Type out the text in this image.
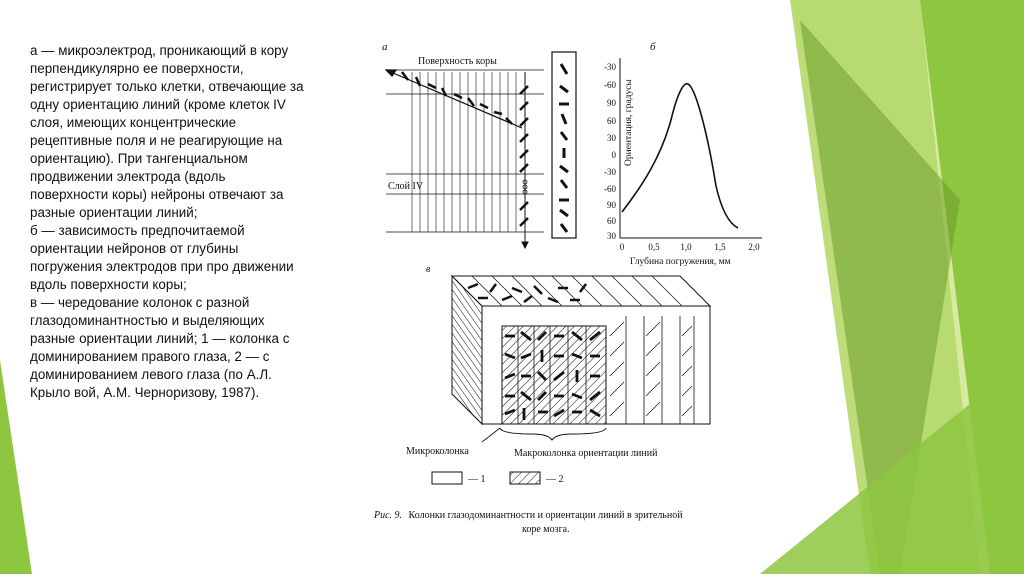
а — микроэлектрод, проникающий в кору перпендикулярно ее поверхности, регистрирует только клетки, отвечающие за одну ориентацию линий (кроме клеток IV слоя, имеющих концентрические рецептивные поля и не реагирующие на ориентацию). При тангенциальном продвижении электрода (вдоль поверхности коры) нейроны отвечают за разные ориентации линий;

б — зависимость предпочитаемой ориентации нейронов от глубины погружения электродов при про движении вдоль поверхности коры;

в — чередование колонок с разной глазодоминантностью и выделяющих разные ориентации линий; 1 — колонка с доминированием правого глаза, 2 — с доминированием левого глаза (по А.Л. Крыло вой, А.М. Черноризову, 1987).

а
Поверхность коры
Слой IV
б
-30
-60
90
60
30
0
-30
-60
90
60
30
Ориентация, градусы
0	0,5 1,0	1,5	2,0
Глубина погружения, мм
в
Микроколонка	Макроколонка ориентации линий
— 1	— 2
Рис. 9. Колонки глазодоминантности и ориентации линий в зрительной
коре мозга.
